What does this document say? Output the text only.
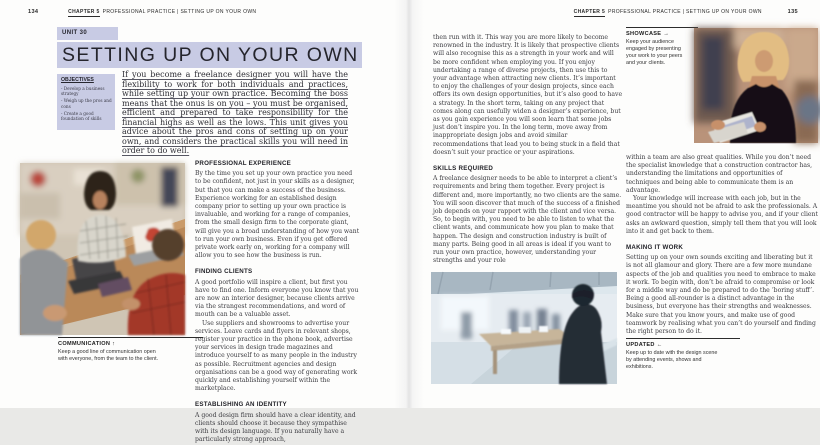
134	CHAPTER 5 PROFESSIONAL PRACTICE | SETTING UP ON YOUR OWN
UNIT 30
SETTING UP ON YOUR OWN
OBJECTIVES
- Develop a business strategy
- Weigh up the pros and cons
- Create a good foundation of skills
If you become a freelance designer you will have the flexibility to work for both individuals and practices, while setting up your own practice. Becoming the boss means that the onus is on you – you must be organised, efficient and prepared to take responsibility for the financial highs as well as the lows. This unit gives you advice about the pros and cons of setting up on your own, and considers the practical skills you will need in order to do well.
PROFESSIONAL EXPERIENCE

By the time you set up your own practice you need to be confident, not just in your skills as a designer, but that you can make a success of the business. Experience working for an established design company prior to setting up your own practice is invaluable, and working for a range of companies, from the small design firm to the corporate giant, will give you a broad understanding of how you want to run your own business. Even if you get offered private work early on, working for a company will allow you to see how the business is run.

FINDING CLIENTS

A good portfolio will inspire a client, but first you have to find one. Inform everyone you know that you are now an interior designer, because clients arrive via the strangest recommendations, and word of mouth can be a valuable asset.

Use suppliers and showrooms to advertise your services. Leave cards and flyers in relevant shops, register your practice in the phone book, advertise your services in design trade magazines and introduce yourself to as many people in the industry as possible. Recruitment agencies and design organisations can be a good way of generating work quickly and establishing yourself within the marketplace.

ESTABLISHING AN IDENTITY

A good design firm should have a clear identity, and clients should choose it because they sympathise with its design language. If you naturally have a particularly strong approach,

COMMUNICATION ↑
Keep a good line of communication open with everyone, from the team to the client.
CHAPTER 5 PROFESSIONAL PRACTICE | SETTING UP ON YOUR OWN	135

then run with it. This way you are more likely to become renowned in the industry. It is likely that prospective clients will also recognise this as a strength in your work and will be more confident when employing you. If you enjoy undertaking a range of diverse projects, then use this to your advantage when attracting new clients. It’s important to enjoy the challenges of your design projects, since each offers its own design opportunities, but it’s also good to have a strategy. In the short term, taking on any project that comes along can usefully widen a designer’s experience, but as you gain experience you will soon learn that some jobs just don’t inspire you. In the long term, move away from inappropriate design jobs and avoid similar recommendations that lead you to being stuck in a field that doesn’t suit your practice or your aspirations.

SKILLS REQUIRED

A freelance designer needs to be able to interpret a client’s requirements and bring them together. Every project is different and, more importantly, no two clients are the same. You will soon discover that much of the success of a finished job depends on your rapport with the client and vice versa. So, to begin with, you need to be able to listen to what the client wants, and communicate how you plan to make that happen. The design and construction industry is built of many parts. Being good in all areas is ideal if you want to run your own practice, however, understanding your strengths and your role

SHOWCASE →
Keep your audience engaged by presenting your work to your peers and your clients.

within a team are also great qualities. While you don’t need the specialist knowledge that a construction contractor has, understanding the limitations and opportunities of techniques and being able to communicate them is an advantage.

Your knowledge will increase with each job, but in the meantime you should not be afraid to ask the professionals. A good contractor will be happy to advise you, and if your client asks an awkward question, simply tell them that you will look into it and get back to them.

MAKING IT WORK

Setting up on your own sounds exciting and liberating but it is not all glamour and glory. There are a few more mundane aspects of the job and qualities you need to embrace to make it work. To begin with, don’t be afraid to compromise or look for a middle way and do be prepared to do the ‘boring stuff’. Being a good all-rounder is a distinct advantage in the business, but everyone has their strengths and weaknesses. Make sure that you know yours, and make use of good teamwork by realising what you can’t do yourself and finding the right person to do it.

UPDATED ←
Keep up to date with the design scene by attending events, shows and exhibitions.
